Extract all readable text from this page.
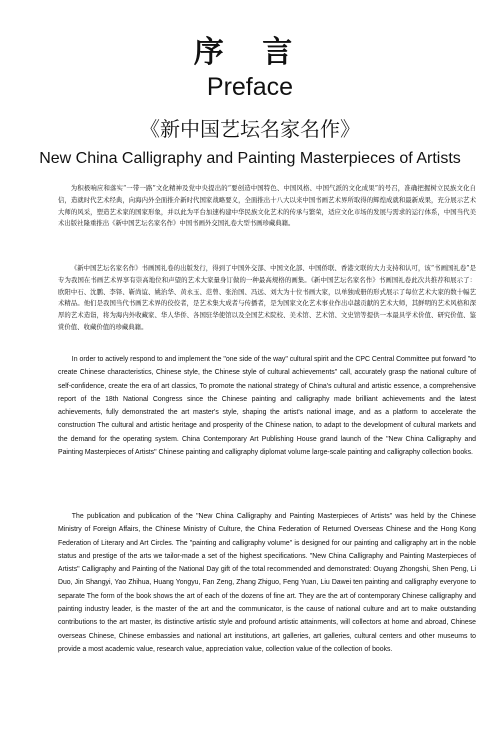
序 言
Preface
《新中国艺坛名家名作》
New China Calligraphy and Painting Masterpieces of Artists

为积极响应和落实“一带一路”文化精神及党中央提出的“要创造中国特色、中国风格、中国气派的文化成果”的号召，准确把握树立民族文化自信，造就时代艺术经典，向海内外全面推介新时代国家战略要义，全面推出十八大以来中国书画艺术界所取得的辉煌成就和最新成果，充分展示艺术大师的风采，塑造艺术家的国家形象，并以此为平台加速构建中华民族文化艺术的传承与繁荣，适应文化市场的发展与需求的运行体系，中国当代美术出版社隆重推出《新中国艺坛名家名作》中国书画外交国礼卷大型书画珍藏典籍。

《新中国艺坛名家名作》书画国礼卷的出版发行，得到了中国外交部、中国文化部、中国侨联、香港文联的大力支持和认可，该“书画国礼卷”是专为我国在书画艺术界享有崇高地位和声望的艺术大家量身订做的一种最高规格的画集。《新中国艺坛名家名作》书画国礼卷此次共推荐和展示了：欧阳中石、沈鹏、李铎、靳尚谊、姚治华、黄永玉、范曾、张治国、冯远、刘大为十位书画大家，以单独成册的形式展示了每位艺术大家的数十幅艺术精品。他们是我国当代书画艺术界的佼佼者，是艺术集大成者与传播者，是为国家文化艺术事业作出卓越贡献的艺术大师，其鲜明的艺术风格和深厚的艺术造诣，将为海内外收藏家、华人华侨、各国驻华使馆以及全国艺术院校、美术馆、艺术馆、文史馆等提供一本最具学术价值、研究价值、鉴赏价值、收藏价值的珍藏典籍。

In order to actively respond to and implement the "one side of the way" cultural spirit and the CPC Central Committee put forward "to create Chinese characteristics, Chinese style, the Chinese style of cultural achievements" call, accurately grasp the national culture of self-confidence, create the era of art classics, To promote the national strategy of China's cultural and artistic essence, a comprehensive report of the 18th National Congress since the Chinese painting and calligraphy made brilliant achievements and the latest achievements, fully demonstrated the art master's style, shaping the artist's national image, and as a platform to accelerate the construction The cultural and artistic heritage and prosperity of the Chinese nation, to adapt to the development of cultural markets and the demand for the operating system. China Contemporary Art Publishing House grand launch of the "New China Calligraphy and Painting Masterpieces of Artists" Chinese painting and calligraphy diplomat volume large-scale painting and calligraphy collection books.

The publication and publication of the "New China Calligraphy and Painting Masterpieces of Artists" was held by the Chinese Ministry of Foreign Affairs, the Chinese Ministry of Culture, the China Federation of Returned Overseas Chinese and the Hong Kong Federation of Literary and Art Circles. The "painting and calligraphy volume" is designed for our painting and calligraphy art in the noble status and prestige of the arts we tailor-made a set of the highest specifications. "New China Calligraphy and Painting Masterpieces of Artists" Calligraphy and Painting of the National Day gift of the total recommended and demonstrated: Ouyang Zhongshi, Shen Peng, Li Duo, Jin Shangyi, Yao Zhihua, Huang Yongyu, Fan Zeng, Zhang Zhiguo, Feng Yuan, Liu Dawei ten painting and calligraphy everyone to separate The form of the book shows the art of each of the dozens of fine art. They are the art of contemporary Chinese calligraphy and painting industry leader, is the master of the art and the communicator, is the cause of national culture and art to make outstanding contributions to the art master, its distinctive artistic style and profound artistic attainments, will collectors at home and abroad, Chinese overseas Chinese, Chinese embassies and national art institutions, art galleries, art galleries, cultural centers and other museums to provide a most academic value, research value, appreciation value, collection value of the collection of books.
